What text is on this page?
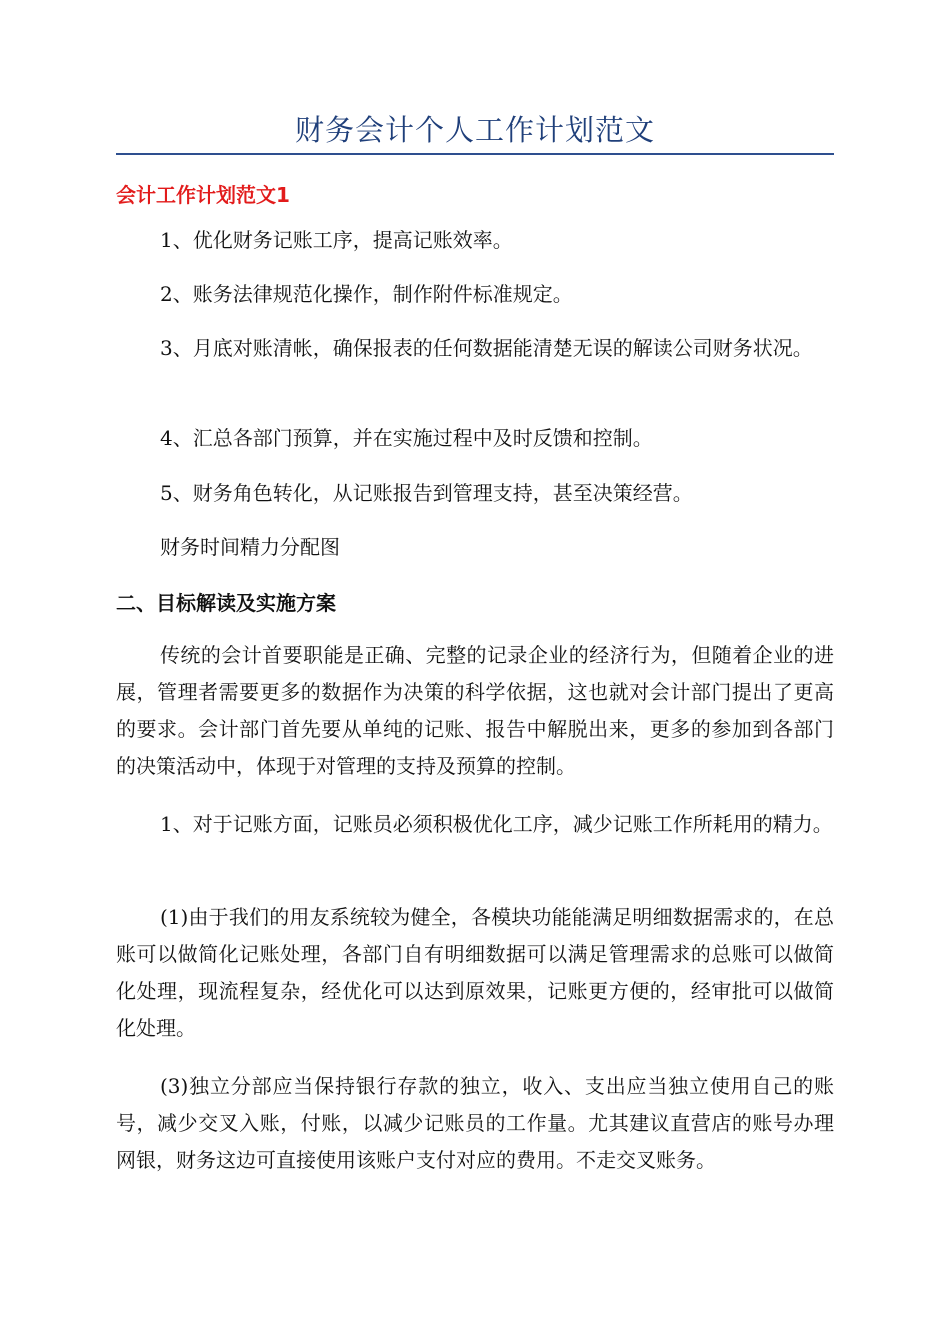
财务会计个人工作计划范文
会计工作计划范文1

1、优化财务记账工序，提高记账效率。

2、账务法律规范化操作，制作附件标准规定。

3、月底对账清帐，确保报表的任何数据能清楚无误的解读公司财务状况。

4、汇总各部门预算，并在实施过程中及时反馈和控制。

5、财务角色转化，从记账报告到管理支持，甚至决策经营。

财务时间精力分配图

二、目标解读及实施方案

传统的会计首要职能是正确、完整的记录企业的经济行为，但随着企业的进展，管理者需要更多的数据作为决策的科学依据，这也就对会计部门提出了更高的要求。会计部门首先要从单纯的记账、报告中解脱出来，更多的参加到各部门的决策活动中，体现于对管理的支持及预算的控制。

1、对于记账方面，记账员必须积极优化工序，减少记账工作所耗用的精力。

(1)由于我们的用友系统较为健全，各模块功能能满足明细数据需求的，在总账可以做简化记账处理，各部门自有明细数据可以满足管理需求的总账可以做简化处理，现流程复杂，经优化可以达到原效果，记账更方便的，经审批可以做简化处理。

(3)独立分部应当保持银行存款的独立，收入、支出应当独立使用自己的账号，减少交叉入账，付账，以减少记账员的工作量。尤其建议直营店的账号办理网银，财务这边可直接使用该账户支付对应的费用。不走交叉账务。
